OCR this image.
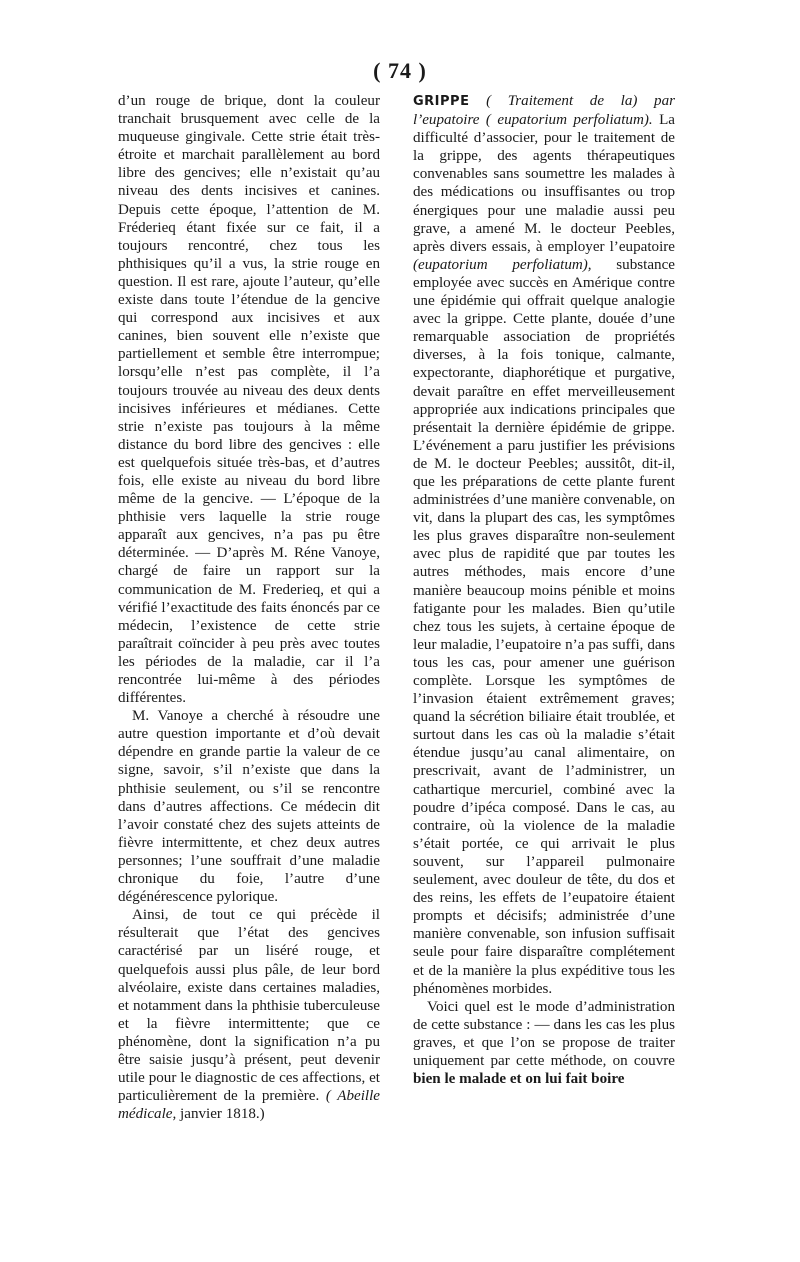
( 74 )

d’un rouge de brique, dont la couleur tranchait brusquement avec celle de la muqueuse gingivale. Cette strie était très-étroite et marchait parallèlement au bord libre des gencives; elle n’existait qu’au niveau des dents incisives et canines. Depuis cette époque, l’attention de M. Fréderieq étant fixée sur ce fait, il a toujours rencontré, chez tous les phthisiques qu’il a vus, la strie rouge en question. Il est rare, ajoute l’auteur, qu’elle existe dans toute l’étendue de la gencive qui correspond aux incisives et aux canines, bien souvent elle n’existe que partiellement et semble être interrompue; lorsqu’elle n’est pas complète, il l’a toujours trouvée au niveau des deux dents incisives inférieures et médianes. Cette strie n’existe pas toujours à la même distance du bord libre des gencives : elle est quelquefois située très-bas, et d’autres fois, elle existe au niveau du bord libre même de la gencive. — L’époque de la phthisie vers laquelle la strie rouge apparaît aux gencives, n’a pas pu être déterminée. — D’après M. Réne Vanoye, chargé de faire un rapport sur la communication de M. Frederieq, et qui a vérifié l’exactitude des faits énoncés par ce médecin, l’existence de cette strie paraîtrait coïncider à peu près avec toutes les périodes de la maladie, car il l’a rencontrée lui-même à des périodes différentes.

M. Vanoye a cherché à résoudre une autre question importante et d’où devait dépendre en grande partie la valeur de ce signe, savoir, s’il n’existe que dans la phthisie seulement, ou s’il se rencontre dans d’autres affections. Ce médecin dit l’avoir constaté chez des sujets atteints de fièvre intermittente, et chez deux autres personnes; l’une souffrait d’une maladie chronique du foie, l’autre d’une dégénérescence pylorique.

Ainsi, de tout ce qui précède il résulterait que l’état des gencives caractérisé par un liséré rouge, et quelquefois aussi plus pâle, de leur bord alvéolaire, existe dans certaines maladies, et notamment dans la phthisie tuberculeuse et la fièvre intermittente; que ce phénomène, dont la signification n’a pu être saisie jusqu’à présent, peut devenir utile pour le diagnostic de ces affections, et particulièrement de la première. ( Abeille médicale, janvier 1818.)

GRIPPE ( Traitement de la) par l’eupatoire ( eupatorium perfoliatum). La difficulté d’associer, pour le traitement de la grippe, des agents thérapeutiques convenables sans soumettre les malades à des médications ou insuffisantes ou trop énergiques pour une maladie aussi peu grave, a amené M. le docteur Peebles, après divers essais, à employer l’eupatoire (eupatorium perfoliatum), substance employée avec succès en Amérique contre une épidémie qui offrait quelque analogie avec la grippe. Cette plante, douée d’une remarquable association de propriétés diverses, à la fois tonique, calmante, expectorante, diaphorétique et purgative, devait paraître en effet merveilleusement appropriée aux indications principales que présentait la dernière épidémie de grippe. L’événement a paru justifier les prévisions de M. le docteur Peebles; aussitôt, dit-il, que les préparations de cette plante furent administrées d’une manière convenable, on vit, dans la plupart des cas, les symptômes les plus graves disparaître non-seulement avec plus de rapidité que par toutes les autres méthodes, mais encore d’une manière beaucoup moins pénible et moins fatigante pour les malades. Bien qu’utile chez tous les sujets, à certaine époque de leur maladie, l’eupatoire n’a pas suffi, dans tous les cas, pour amener une guérison complète. Lorsque les symptômes de l’invasion étaient extrêmement graves; quand la sécrétion biliaire était troublée, et surtout dans les cas où la maladie s’était étendue jusqu’au canal alimentaire, on prescrivait, avant de l’administrer, un cathartique mercuriel, combiné avec la poudre d’ipéca composé. Dans le cas, au contraire, où la violence de la maladie s’était portée, ce qui arrivait le plus souvent, sur l’appareil pulmonaire seulement, avec douleur de tête, du dos et des reins, les effets de l’eupatoire étaient prompts et décisifs; administrée d’une manière convenable, son infusion suffisait seule pour faire disparaître complétement et de la manière la plus expéditive tous les phénomènes morbides.

Voici quel est le mode d’administration de cette substance : — dans les cas les plus graves, et que l’on se propose de traiter uniquement par cette méthode, on couvre bien le malade et on lui fait boire
